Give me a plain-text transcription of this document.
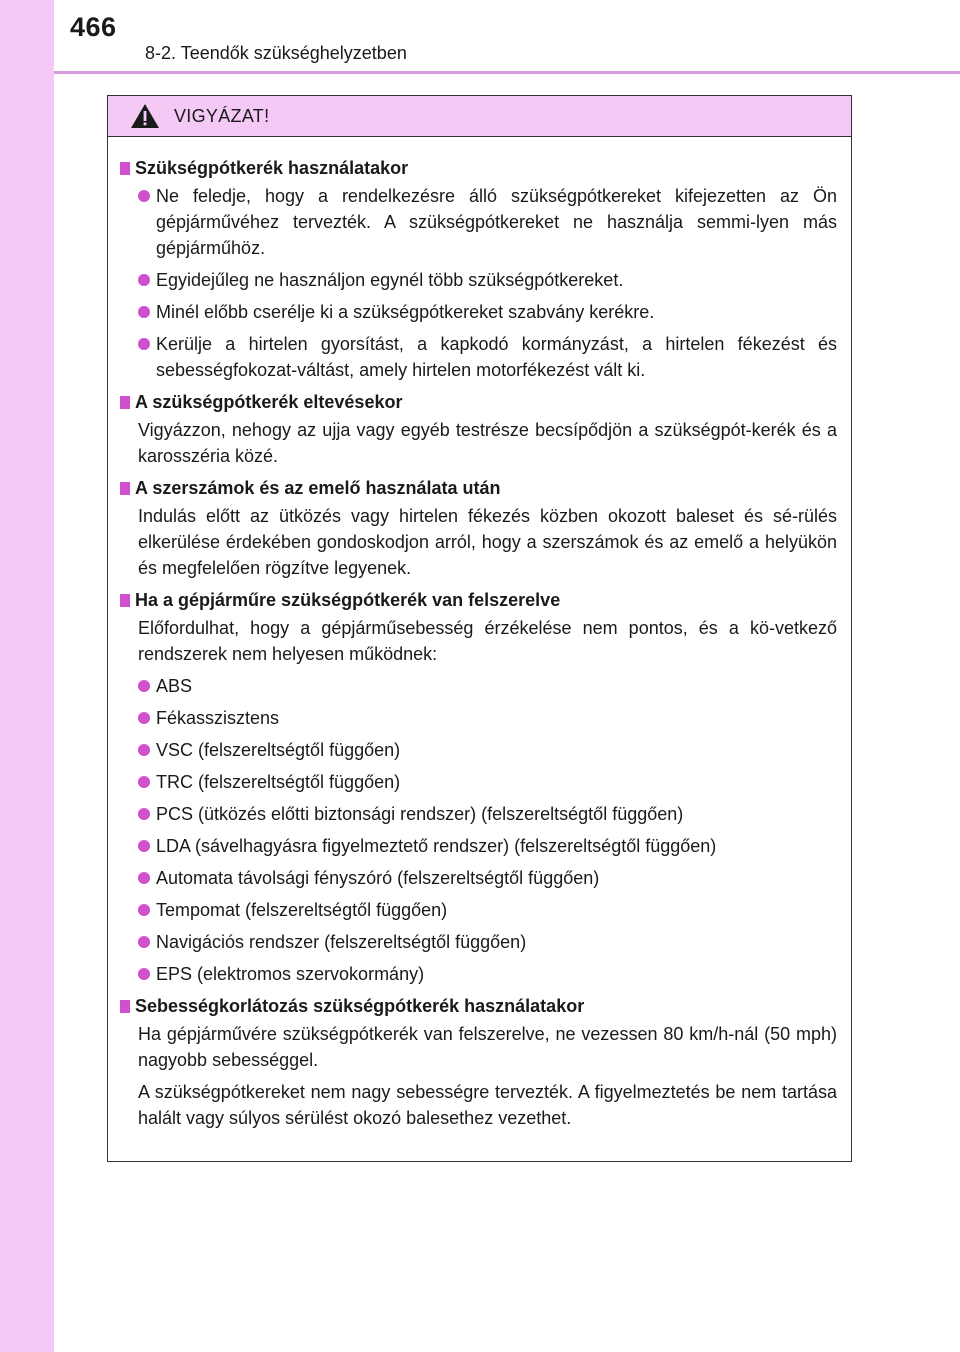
466
8-2. Teendők szükséghelyzetben
VIGYÁZAT!
Szükségpótkerék használatakor
Ne feledje, hogy a rendelkezésre álló szükségpótkereket kifejezetten az Ön gépjárművéhez tervezték. A szükségpótkereket ne használja semmi-lyen más gépjárműhöz.
Egyidejűleg ne használjon egynél több szükségpótkereket.
Minél előbb cserélje ki a szükségpótkereket szabvány kerékre.
Kerülje a hirtelen gyorsítást, a kapkodó kormányzást, a hirtelen fékezést és sebességfokozat-váltást, amely hirtelen motorfékezést vált ki.
A szükségpótkerék eltevésekor
Vigyázzon, nehogy az ujja vagy egyéb testrésze becsípődjön a szükségpót-kerék és a karosszéria közé.
A szerszámok és az emelő használata után
Indulás előtt az ütközés vagy hirtelen fékezés közben okozott baleset és sé-rülés elkerülése érdekében gondoskodjon arról, hogy a szerszámok és az emelő a helyükön és megfelelően rögzítve legyenek.
Ha a gépjárműre szükségpótkerék van felszerelve
Előfordulhat, hogy a gépjárműsebesség érzékelése nem pontos, és a kö-vetkező rendszerek nem helyesen működnek:
ABS
Fékasszisztens
VSC (felszereltségtől függően)
TRC (felszereltségtől függően)
PCS (ütközés előtti biztonsági rendszer) (felszereltségtől függően)
LDA (sávelhagyásra figyelmeztető rendszer) (felszereltségtől függően)
Automata távolsági fényszóró (felszereltségtől függően)
Tempomat (felszereltségtől függően)
Navigációs rendszer (felszereltségtől függően)
EPS (elektromos szervokormány)
Sebességkorlátozás szükségpótkerék használatakor
Ha gépjárművére szükségpótkerék van felszerelve, ne vezessen 80 km/h-nál (50 mph) nagyobb sebességgel.
A szükségpótkereket nem nagy sebességre tervezték. A figyelmeztetés be nem tartása halált vagy súlyos sérülést okozó balesethez vezethet.
